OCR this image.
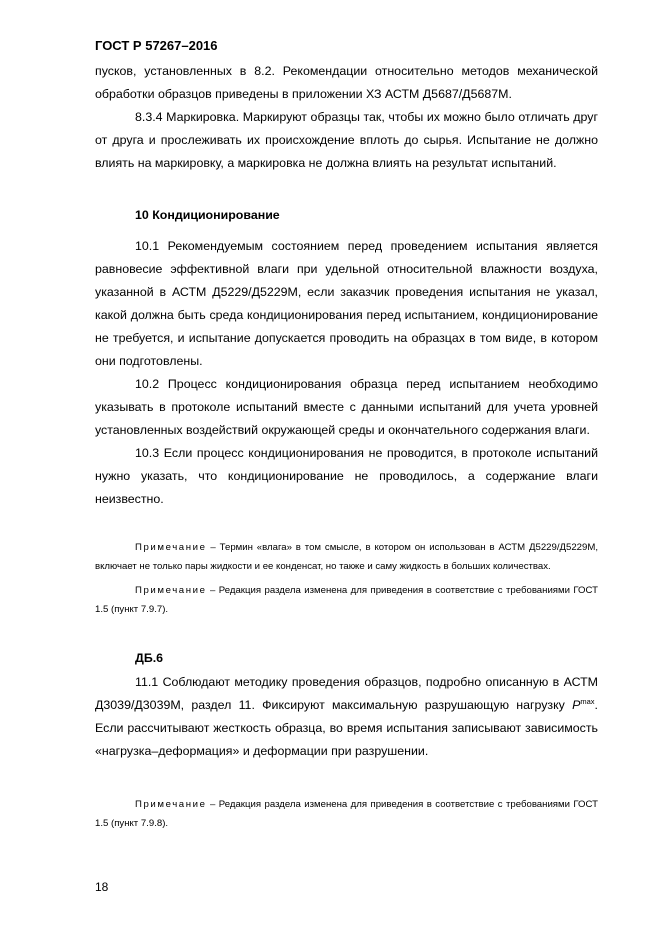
ГОСТ Р 57267–2016

пусков, установленных в 8.2. Рекомендации относительно методов механической обработки образцов приведены в приложении ХЗ АСТМ Д5687/Д5687М.

8.3.4 Маркировка. Маркируют образцы так, чтобы их можно было отличать друг от друга и прослеживать их происхождение вплоть до сырья. Испытание не должно влиять на маркировку, а маркировка не должна влиять на результат испытаний.

10 Кондиционирование

10.1 Рекомендуемым состоянием перед проведением испытания является равновесие эффективной влаги при удельной относительной влажности воздуха, указанной в АСТМ Д5229/Д5229М, если заказчик проведения испытания не указал, какой должна быть среда кондиционирования перед испытанием, кондиционирование не требуется, и испытание допускается проводить на образцах в том виде, в котором они подготовлены.

10.2 Процесс кондиционирования образца перед испытанием необходимо указывать в протоколе испытаний вместе с данными испытаний для учета уровней установленных воздействий окружающей среды и окончательного содержания влаги.

10.3 Если процесс кондиционирования не проводится, в протоколе испытаний нужно указать, что кондиционирование не проводилось, а содержание влаги неизвестно.

Примечание – Термин «влага» в том смысле, в котором он использован в АСТМ Д5229/Д5229М, включает не только пары жидкости и ее конденсат, но также и саму жидкость в больших количествах.

Примечание – Редакция раздела изменена для приведения в соответствие с требованиями ГОСТ 1.5 (пункт 7.9.7).

ДБ.6

11.1 Соблюдают методику проведения образцов, подробно описанную в АСТМ Д3039/Д3039М, раздел 11. Фиксируют максимальную разрушающую нагрузку $P^{max}$. Если рассчитывают жесткость образца, во время испытания записывают зависимость «нагрузка–деформация» и деформации при разрушении.

Примечание – Редакция раздела изменена для приведения в соответствие с требованиями ГОСТ 1.5 (пункт 7.9.8).

18
